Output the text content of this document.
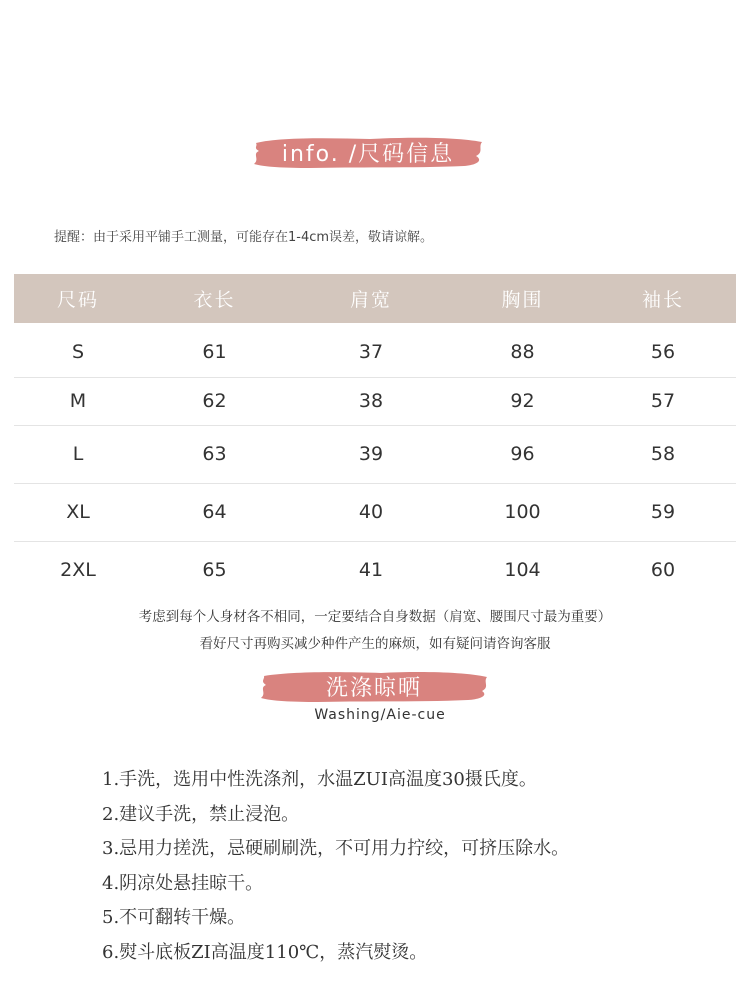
info. /尺码信息
提醒：由于采用平铺手工测量，可能存在1-4cm误差，敬请谅解。
尺码	衣长	肩宽	胸围	袖长
S	61	37	88	56
M	62	38	92	57
L	63	39	96	58
XL	64	40	100	59
2XL	65	41	104	60
考虑到每个人身材各不相同，一定要结合自身数据（肩宽、腰围尺寸最为重要）
看好尺寸再购买减少种件产生的麻烦，如有疑问请咨询客服
洗涤晾晒
Washing/Aie-cue
1.手洗，选用中性洗涤剂，水温ZUI高温度30摄氏度。
2.建议手洗，禁止浸泡。
3.忌用力搓洗，忌硬刷刷洗，不可用力拧绞，可挤压除水。
4.阴凉处悬挂晾干。
5.不可翻转干燥。
6.熨斗底板ZI高温度110℃，蒸汽熨烫。
